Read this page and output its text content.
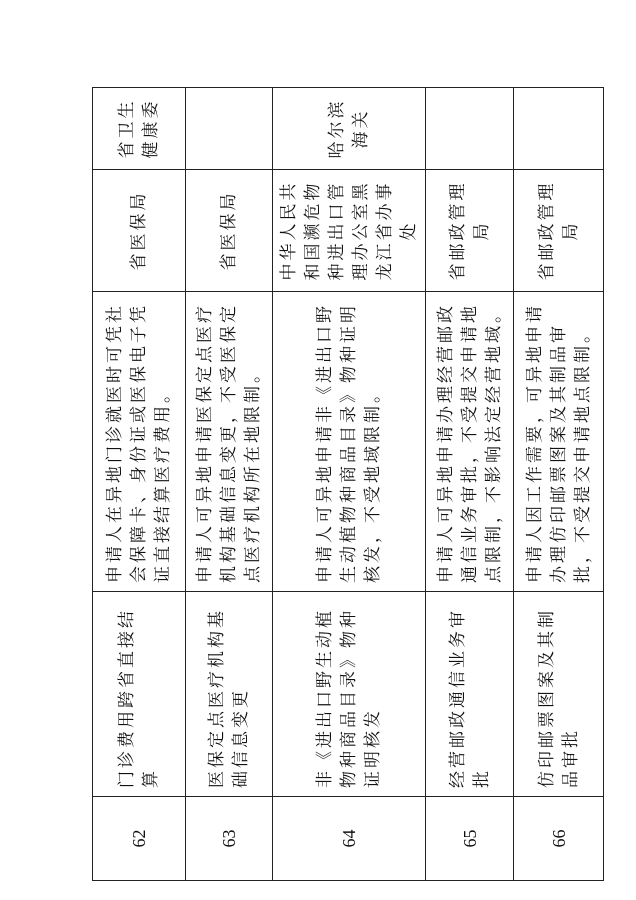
62	门诊费用跨省直接结算	申请人在异地门诊就医时可凭社会保障卡、身份证或医保电子凭证直接结算医疗费用。	省医保局	省卫生健康委
63	医保定点医疗机构基础信息变更	申请人可异地申请医保定点医疗机构基础信息变更，不受医保定点医疗机构所在地限制。	省医保局	
64	非《进出口野生动植物种商品目录》物种证明核发	申请人可异地申请非《进出口野生动植物种商品目录》物种证明核发，不受地域限制。	中华人民共和国濒危物种进出口管理办公室黑龙江省办事处	哈尔滨海关
65	经营邮政通信业务审批	申请人可异地申请办理经营邮政通信业务审批，不受提交申请地点限制，不影响法定经营地域。	省邮政管理局	
66	仿印邮票图案及其制品审批	申请人因工作需要，可异地申请办理仿印邮票图案及其制品审批，不受提交申请地点限制。	省邮政管理局	
